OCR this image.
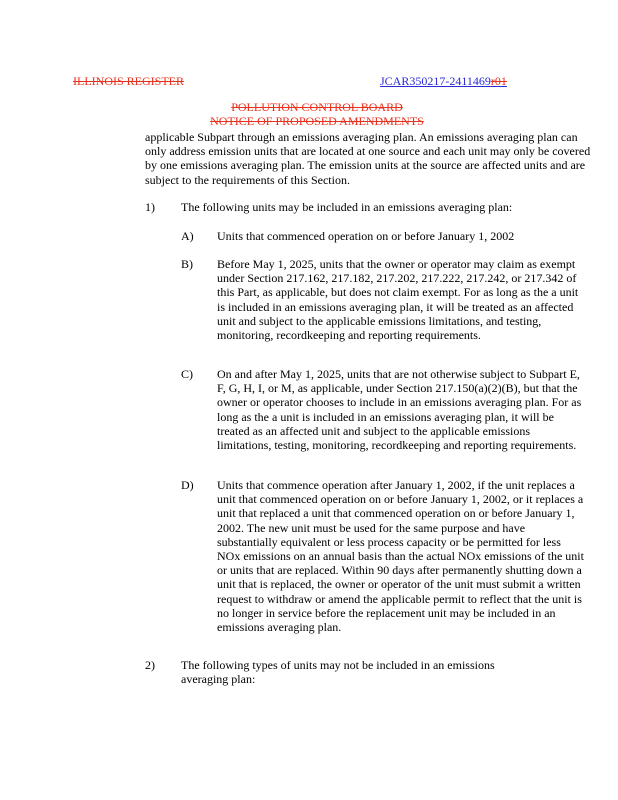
ILLINOIS REGISTER	JCAR350217-2411469r01
POLLUTION CONTROL BOARD
NOTICE OF PROPOSED AMENDMENTS
applicable Subpart through an emissions averaging plan. An emissions averaging plan can only address emission units that are located at one source and each unit may only be covered by one emissions averaging plan. The emission units at the source are affected units and are subject to the requirements of this Section.
1) The following units may be included in an emissions averaging plan:
A) Units that commenced operation on or before January 1, 2002
B) Before May 1, 2025, units that the owner or operator may claim as exempt under Section 217.162, 217.182, 217.202, 217.222, 217.242, or 217.342 of this Part, as applicable, but does not claim exempt. For as long as the a unit is included in an emissions averaging plan, it will be treated as an affected unit and subject to the applicable emissions limitations, and testing, monitoring, recordkeeping and reporting requirements.
C) On and after May 1, 2025, units that are not otherwise subject to Subpart E, F, G, H, I, or M, as applicable, under Section 217.150(a)(2)(B), but that the owner or operator chooses to include in an emissions averaging plan. For as long as the a unit is included in an emissions averaging plan, it will be treated as an affected unit and subject to the applicable emissions limitations, testing, monitoring, recordkeeping and reporting requirements.
D) Units that commence operation after January 1, 2002, if the unit replaces a unit that commenced operation on or before January 1, 2002, or it replaces a unit that replaced a unit that commenced operation on or before January 1, 2002. The new unit must be used for the same purpose and have substantially equivalent or less process capacity or be permitted for less NOx emissions on an annual basis than the actual NOx emissions of the unit or units that are replaced. Within 90 days after permanently shutting down a unit that is replaced, the owner or operator of the unit must submit a written request to withdraw or amend the applicable permit to reflect that the unit is no longer in service before the replacement unit may be included in an emissions averaging plan.
2) The following types of units may not be included in an emissions averaging plan:
